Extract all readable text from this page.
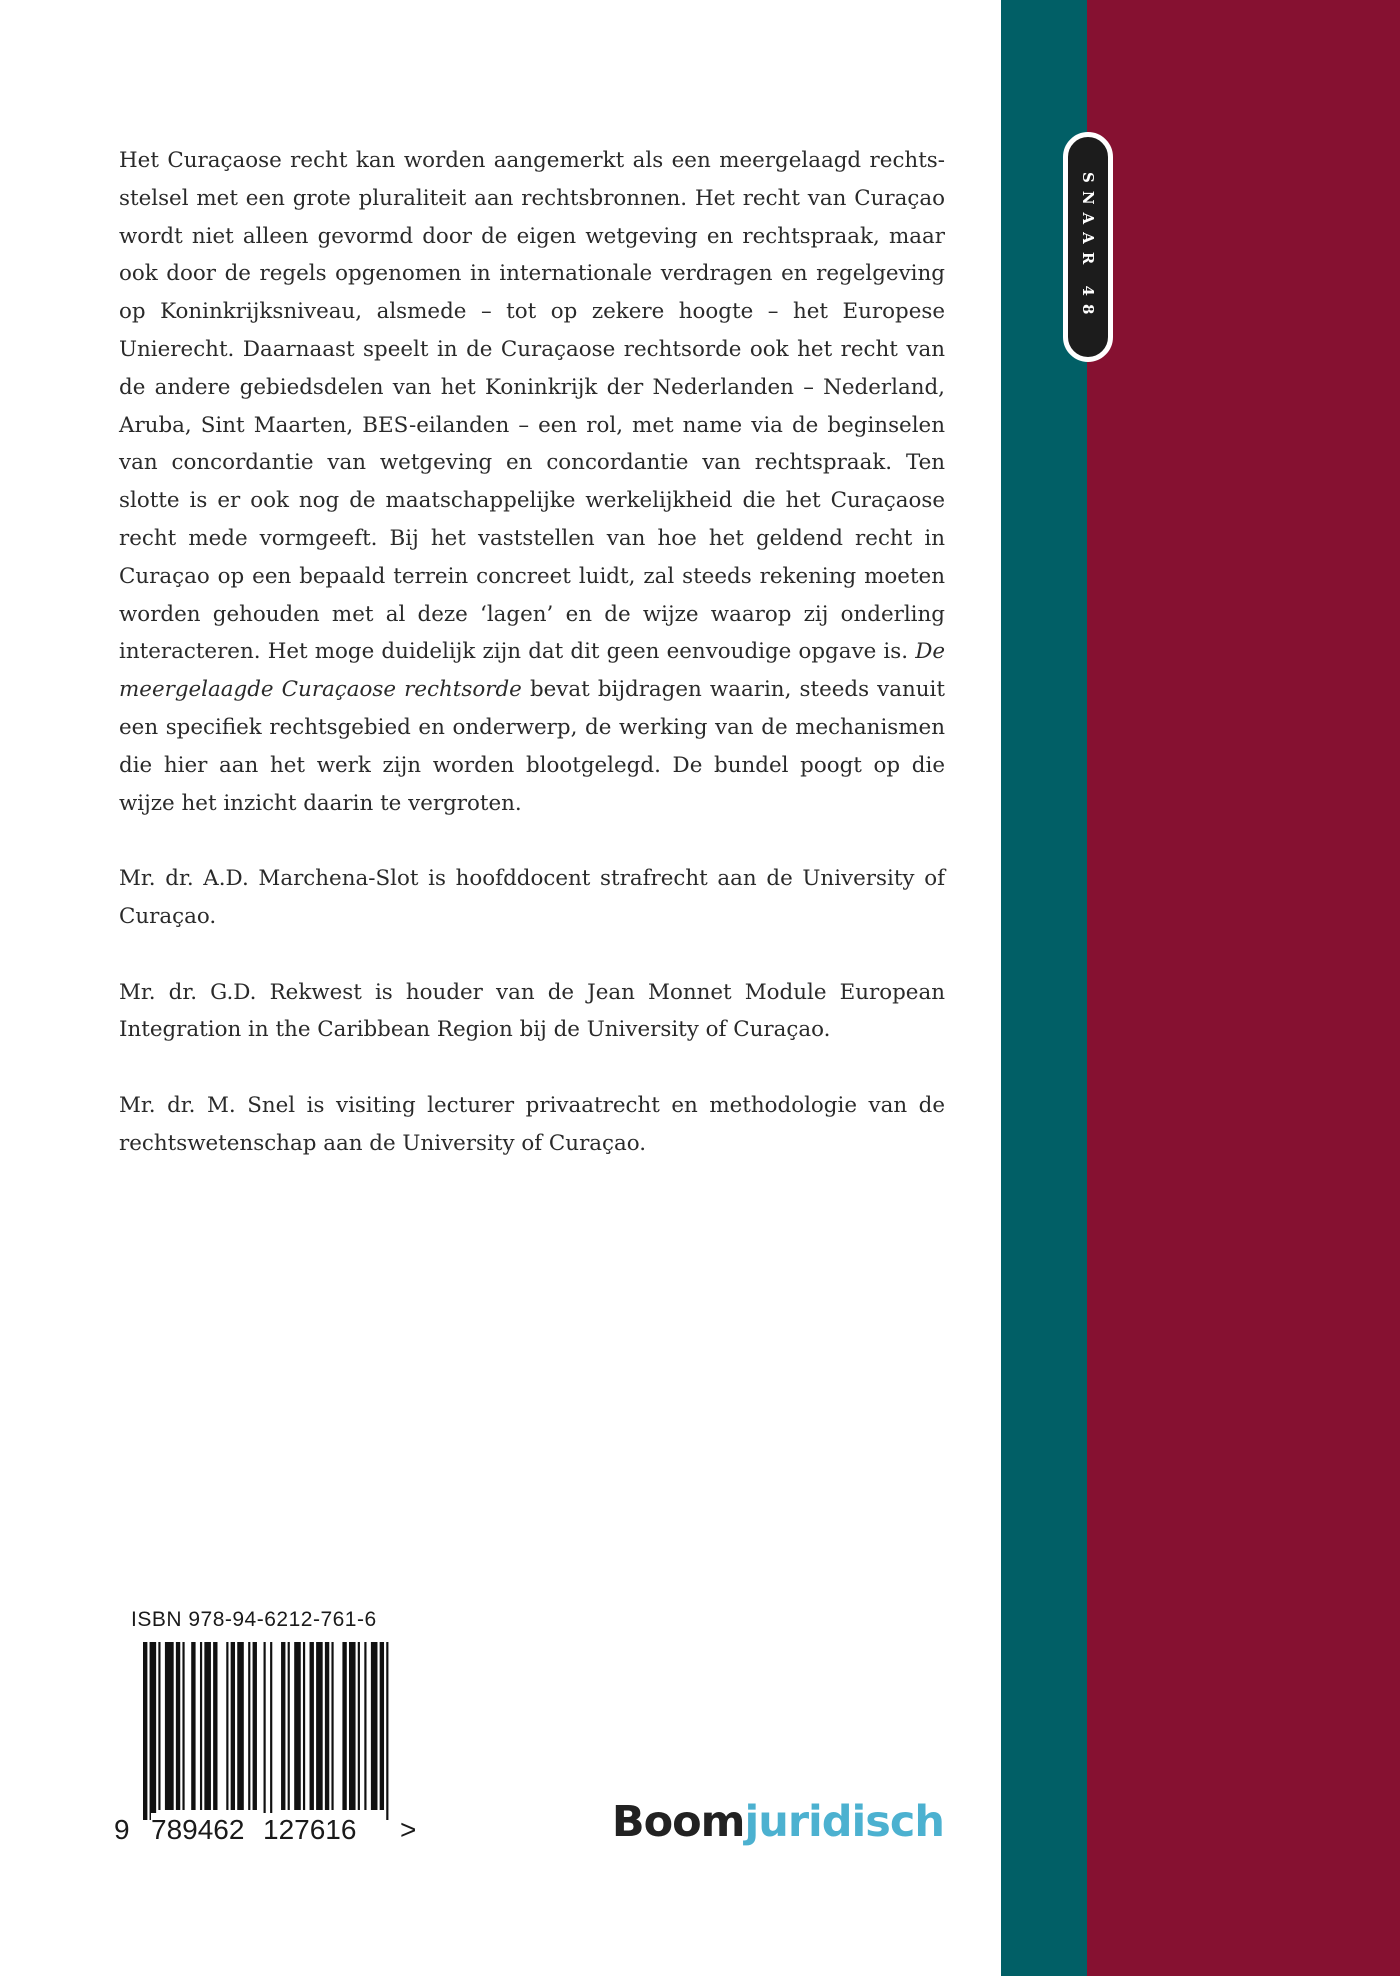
SNAAR 48

Het Curaçaose recht kan worden aangemerkt als een meergelaagd rechts-stelsel met een grote pluraliteit aan rechtsbronnen. Het recht van Curaçao wordt niet alleen gevormd door de eigen wetgeving en rechtspraak, maar ook door de regels opgenomen in internationale verdragen en regelgeving op Koninkrijksniveau, alsmede – tot op zekere hoogte – het Europese Unierecht. Daarnaast speelt in de Curaçaose rechtsorde ook het recht van de andere gebiedsdelen van het Koninkrijk der Nederlanden – Nederland, Aruba, Sint Maarten, BES-eilanden – een rol, met name via de beginselen van concordantie van wetgeving en concordantie van rechtspraak. Ten slotte is er ook nog de maatschappelijke werkelijkheid die het Curaçaose recht mede vormgeeft. Bij het vaststellen van hoe het geldend recht in Curaçao op een bepaald terrein concreet luidt, zal steeds rekening moeten worden gehouden met al deze ‘lagen’ en de wijze waarop zij onderling interacteren. Het moge duidelijk zijn dat dit geen eenvoudige opgave is. De meergelaagde Curaçaose rechtsorde bevat bijdragen waarin, steeds vanuit een specifiek rechtsgebied en onderwerp, de werking van de mechanismen die hier aan het werk zijn worden blootgelegd. De bundel poogt op die wijze het inzicht daarin te vergroten.

Mr. dr. A.D. Marchena-Slot is hoofddocent strafrecht aan de University of Curaçao.

Mr. dr. G.D. Rekwest is houder van de Jean Monnet Module European Integration in the Caribbean Region bij de University of Curaçao.

Mr. dr. M. Snel is visiting lecturer privaatrecht en methodologie van de rechtswetenschap aan de University of Curaçao.

ISBN 978-94-6212-761-6
9 789462 127616	>	Boomjuridisch
